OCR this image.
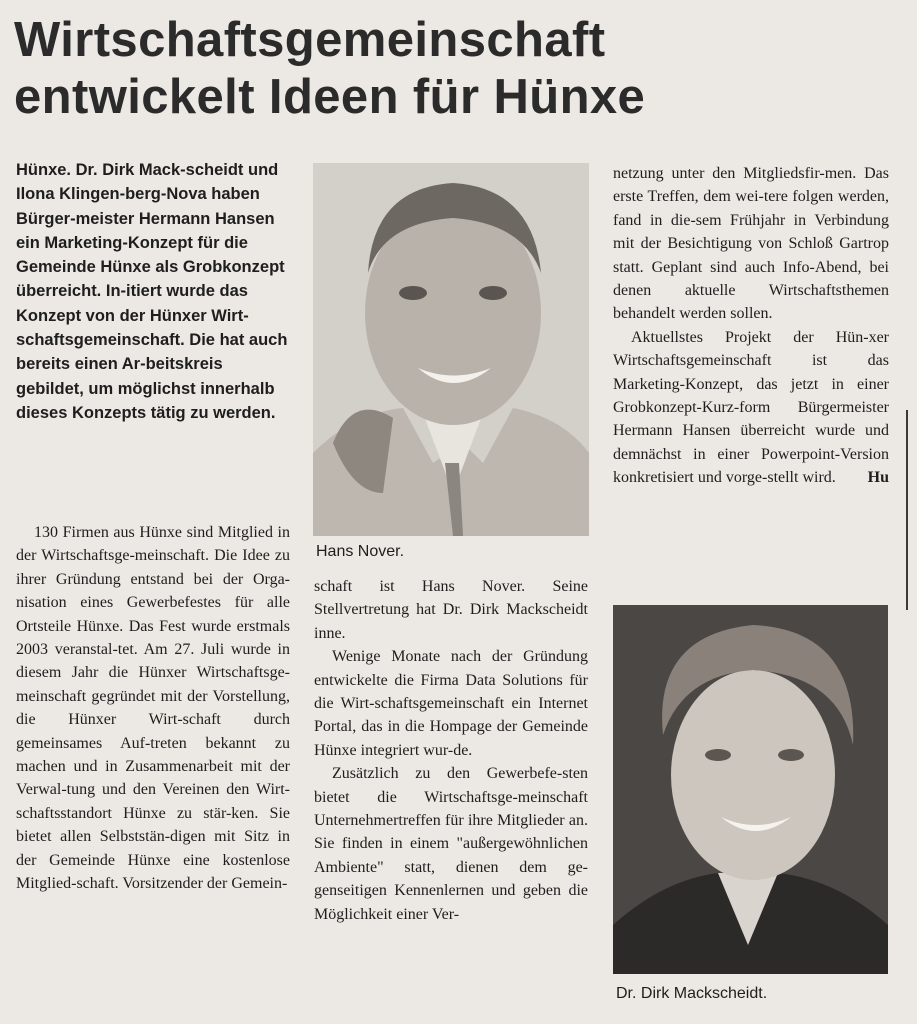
Wirtschaftsgemeinschaft
entwickelt Ideen für Hünxe
Hünxe. Dr. Dirk Mack-scheidt und Ilona Klingen-berg-Nova haben Bürger-meister Hermann Hansen ein Marketing-Konzept für die Gemeinde Hünxe als Grobkonzept überreicht. In-itiert wurde das Konzept von der Hünxer Wirt-schaftsgemeinschaft. Die hat auch bereits einen Ar-beitskreis gebildet, um möglichst innerhalb dieses Konzepts tätig zu werden.

130 Firmen aus Hünxe sind Mitglied in der Wirtschaftsge-meinschaft. Die Idee zu ihrer Gründung entstand bei der Orga-nisation eines Gewerbefestes für alle Ortsteile Hünxe. Das Fest wurde erstmals 2003 veranstal-tet. Am 27. Juli wurde in diesem Jahr die Hünxer Wirtschaftsge-meinschaft gegründet mit der Vorstellung, die Hünxer Wirt-schaft durch gemeinsames Auf-treten bekannt zu machen und in Zusammenarbeit mit der Verwal-tung und den Vereinen den Wirt-schaftsstandort Hünxe zu stär-ken. Sie bietet allen Selbststän-digen mit Sitz in der Gemeinde Hünxe eine kostenlose Mitglied-schaft. Vorsitzender der Gemein-

Hans Nover.

schaft ist Hans Nover. Seine Stellvertretung hat Dr. Dirk Mackscheidt inne.

Wenige Monate nach der Gründung entwickelte die Firma Data Solutions für die Wirt-schaftsgemeinschaft ein Internet Portal, das in die Hompage der Gemeinde Hünxe integriert wur-de.

Zusätzlich zu den Gewerbefe-sten bietet die Wirtschaftsge-meinschaft Unternehmertreffen für ihre Mitglieder an. Sie finden in einem "außergewöhnlichen Ambiente" statt, dienen dem ge-genseitigen Kennenlernen und geben die Möglichkeit einer Ver-

netzung unter den Mitgliedsfir-men. Das erste Treffen, dem wei-tere folgen werden, fand in die-sem Frühjahr in Verbindung mit der Besichtigung von Schloß Gartrop statt. Geplant sind auch Info-Abend, bei denen aktuelle Wirtschaftsthemen behandelt werden sollen.

Aktuellstes Projekt der Hün-xer Wirtschaftsgemeinschaft ist das Marketing-Konzept, das jetzt in einer Grobkonzept-Kurz-form Bürgermeister Hermann Hansen überreicht wurde und demnächst in einer Powerpoint-Version konkretisiert und vorge-stellt wird.	Hu

Dr. Dirk Mackscheidt.
